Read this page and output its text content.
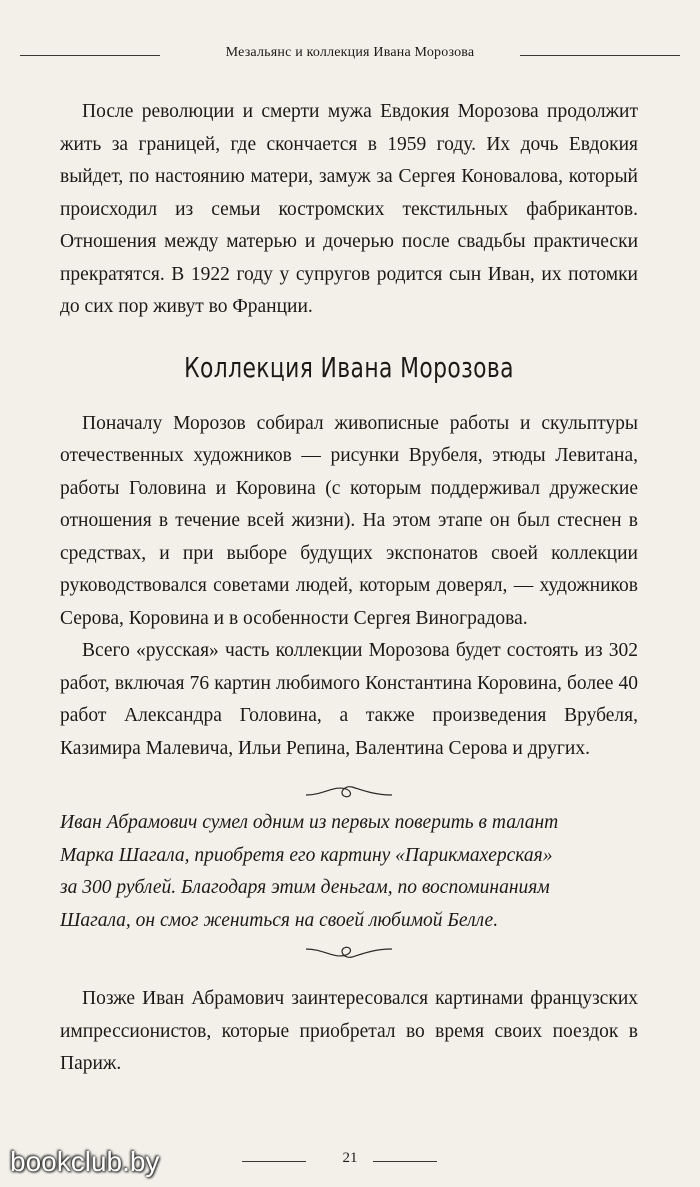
Мезальянс и коллекция Ивана Морозова

После революции и смерти мужа Евдокия Морозова продолжит жить за границей, где скончается в 1959 году. Их дочь Евдокия выйдет, по настоянию матери, замуж за Сергея Коновалова, который происходил из семьи костромских текстильных фабрикантов. Отношения между матерью и дочерью после свадьбы практически прекратятся. В 1922 году у супругов родится сын Иван, их потомки до сих пор живут во Франции.

Коллекция Ивана Морозова

Поначалу Морозов собирал живописные работы и скульптуры отечественных художников — рисунки Врубеля, этюды Левитана, работы Головина и Коровина (с которым поддерживал дружеские отношения в течение всей жизни). На этом этапе он был стеснен в средствах, и при выборе будущих экспонатов своей коллекции руководствовался советами людей, которым доверял, — художников Серова, Коровина и в особенности Сергея Виноградова.

Всего «русская» часть коллекции Морозова будет состоять из 302 работ, включая 76 картин любимого Константина Коровина, более 40 работ Александра Головина, а также произведения Врубеля, Казимира Малевича, Ильи Репина, Валентина Серова и других.

Иван Абрамович сумел одним из первых поверить в талант

Марка Шагала, приобретя его картину «Парикмахерская»

за 300 рублей. Благодаря этим деньгам, по воспоминаниям

Шагала, он смог жениться на своей любимой Белле.

Позже Иван Абрамович заинтересовался картинами французских импрессионистов, которые приобретал во время своих поездок в Париж.

21
bookclub.by
